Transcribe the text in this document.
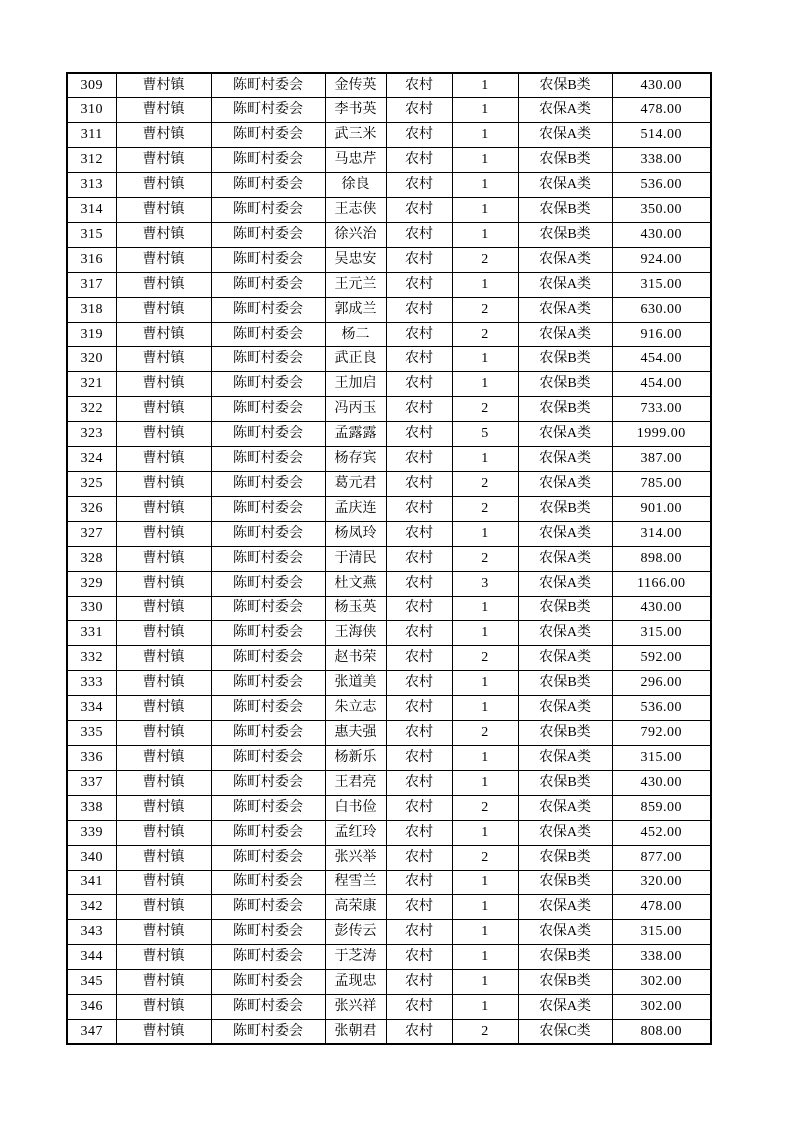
309	曹村镇	陈町村委会	金传英	农村	1	农保B类	430.00
310	曹村镇	陈町村委会	李书英	农村	1	农保A类	478.00
311	曹村镇	陈町村委会	武三米	农村	1	农保A类	514.00
312	曹村镇	陈町村委会	马忠芹	农村	1	农保B类	338.00
313	曹村镇	陈町村委会	徐良	农村	1	农保A类	536.00
314	曹村镇	陈町村委会	王志侠	农村	1	农保B类	350.00
315	曹村镇	陈町村委会	徐兴治	农村	1	农保B类	430.00
316	曹村镇	陈町村委会	吴忠安	农村	2	农保A类	924.00
317	曹村镇	陈町村委会	王元兰	农村	1	农保A类	315.00
318	曹村镇	陈町村委会	郭成兰	农村	2	农保A类	630.00
319	曹村镇	陈町村委会	杨二	农村	2	农保A类	916.00
320	曹村镇	陈町村委会	武正良	农村	1	农保B类	454.00
321	曹村镇	陈町村委会	王加启	农村	1	农保B类	454.00
322	曹村镇	陈町村委会	冯丙玉	农村	2	农保B类	733.00
323	曹村镇	陈町村委会	孟露露	农村	5	农保A类	1999.00
324	曹村镇	陈町村委会	杨存宾	农村	1	农保A类	387.00
325	曹村镇	陈町村委会	葛元君	农村	2	农保A类	785.00
326	曹村镇	陈町村委会	孟庆连	农村	2	农保B类	901.00
327	曹村镇	陈町村委会	杨凤玲	农村	1	农保A类	314.00
328	曹村镇	陈町村委会	于清民	农村	2	农保A类	898.00
329	曹村镇	陈町村委会	杜文燕	农村	3	农保A类	1166.00
330	曹村镇	陈町村委会	杨玉英	农村	1	农保B类	430.00
331	曹村镇	陈町村委会	王海侠	农村	1	农保A类	315.00
332	曹村镇	陈町村委会	赵书荣	农村	2	农保A类	592.00
333	曹村镇	陈町村委会	张道美	农村	1	农保B类	296.00
334	曹村镇	陈町村委会	朱立志	农村	1	农保A类	536.00
335	曹村镇	陈町村委会	惠夫强	农村	2	农保B类	792.00
336	曹村镇	陈町村委会	杨新乐	农村	1	农保A类	315.00
337	曹村镇	陈町村委会	王君亮	农村	1	农保B类	430.00
338	曹村镇	陈町村委会	白书俭	农村	2	农保A类	859.00
339	曹村镇	陈町村委会	孟红玲	农村	1	农保A类	452.00
340	曹村镇	陈町村委会	张兴举	农村	2	农保B类	877.00
341	曹村镇	陈町村委会	程雪兰	农村	1	农保B类	320.00
342	曹村镇	陈町村委会	高荣康	农村	1	农保A类	478.00
343	曹村镇	陈町村委会	彭传云	农村	1	农保A类	315.00
344	曹村镇	陈町村委会	于芝涛	农村	1	农保B类	338.00
345	曹村镇	陈町村委会	孟现忠	农村	1	农保B类	302.00
346	曹村镇	陈町村委会	张兴祥	农村	1	农保A类	302.00
347	曹村镇	陈町村委会	张朝君	农村	2	农保C类	808.00
